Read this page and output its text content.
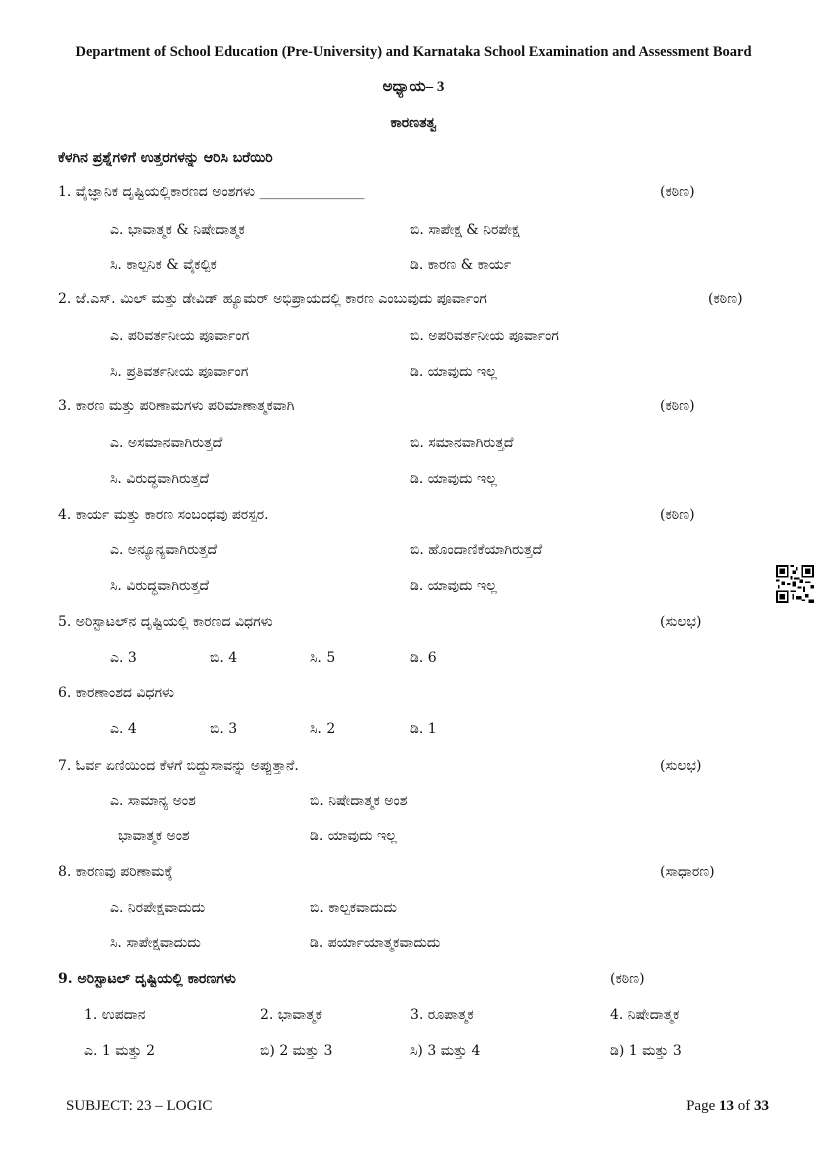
Department of School Education (Pre-University) and Karnataka School Examination and Assessment Board
ಅಧ್ಯಾಯ– 3
ಕಾರಣತತ್ವ
ಕೆಳಗಿನ ಪ್ರಶ್ನೆಗಳಿಗೆ ಉತ್ತರಗಳನ್ನು ಆರಿಸಿ ಬರೆಯಿರಿ
1. ವೈಜ್ಞಾನಿಕ ದೃಷ್ಟಿಯಲ್ಲಿಕಾರಣದ ಅಂಶಗಳು _______________	(ಕಠಿಣ)
ಎ. ಭಾವಾತ್ಮಕ & ನಿಷೇದಾತ್ಮಕ	ಬಿ. ಸಾಪೇಕ್ಷ & ನಿರಪೇಕ್ಷ
ಸಿ. ಕಾಲ್ಪನಿಕ & ವೈಕಲ್ಪಿಕ	ಡಿ. ಕಾರಣ & ಕಾರ್ಯ
2. ಜೆ.ಎಸ್. ಮಿಲ್ ಮತ್ತು ಡೇವಿಡ್ ಹ್ಯೂಮರ್ ಅಭಿಪ್ರಾಯದಲ್ಲಿ ಕಾರಣ ಎಂಬುವುದು ಪೂರ್ವಾಂಗ	(ಕಠಿಣ)
ಎ. ಪರಿವರ್ತನೀಯ ಪೂರ್ವಾಂಗ	ಬಿ. ಅಪರಿವರ್ತನೀಯ ಪೂರ್ವಾಂಗ
ಸಿ. ಪ್ರತಿವರ್ತನೀಯ ಪೂರ್ವಾಂಗ	ಡಿ. ಯಾವುದು ಇಲ್ಲ
3. ಕಾರಣ ಮತ್ತು ಪರಿಣಾಮಗಳು ಪರಿಮಾಣಾತ್ಮಕವಾಗಿ	(ಕಠಿಣ)
ಎ. ಅಸಮಾನವಾಗಿರುತ್ತದೆ	ಬಿ. ಸಮಾನವಾಗಿರುತ್ತದೆ
ಸಿ. ವಿರುದ್ಧವಾಗಿರುತ್ತದೆ	ಡಿ. ಯಾವುದು ಇಲ್ಲ
4. ಕಾರ್ಯ ಮತ್ತು ಕಾರಣ ಸಂಬಂಧವು ಪರಸ್ಪರ.	(ಕಠಿಣ)
ಎ. ಅನ್ಯೂನ್ಯವಾಗಿರುತ್ತದೆ	ಬಿ. ಹೊಂದಾಣಿಕೆಯಾಗಿರುತ್ತದೆ
ಸಿ. ವಿರುದ್ಧವಾಗಿರುತ್ತದೆ	ಡಿ. ಯಾವುದು ಇಲ್ಲ
5. ಅರಿಸ್ಟಾಟಲ್‌ನ ದೃಷ್ಟಿಯಲ್ಲಿ ಕಾರಣದ ವಿಧಗಳು	(ಸುಲಭ)
ಎ. 3	ಬಿ. 4	ಸಿ. 5	ಡಿ. 6
6. ಕಾರಣಾಂಶದ ವಿಧಗಳು
ಎ. 4	ಬಿ. 3	ಸಿ. 2	ಡಿ. 1
7. ಓರ್ವ ಏಣಿಯಿಂದ ಕೆಳಗೆ ಬಿದ್ದುಸಾವನ್ನು ಅಪ್ಪುತ್ತಾನೆ.	(ಸುಲಭ)
ಎ. ಸಾಮಾನ್ಯ ಅಂಶ	ಬಿ. ನಿಷೇದಾತ್ಮಕ ಅಂಶ
ಭಾವಾತ್ಮಕ ಅಂಶ	ಡಿ. ಯಾವುದು ಇಲ್ಲ
8. ಕಾರಣವು ಪರಿಣಾಮಕ್ಕೆ	(ಸಾಧಾರಣ)
ಎ. ನಿರಪೇಕ್ಷವಾದುದು	ಬಿ. ಕಾಲ್ಪಕವಾದುದು
ಸಿ. ಸಾಪೇಕ್ಷವಾದುದು	ಡಿ. ಪರ್ಯಾಯಾತ್ಮಕವಾದುದು
9. ಅರಿಸ್ಟಾಟಲ್ ದೃಷ್ಟಿಯಲ್ಲಿ ಕಾರಣಗಳು	(ಕಠಿಣ)
1. ಉಪದಾನ	2. ಭಾವಾತ್ಮಕ	3. ರೂಪಾತ್ಮಕ	4. ನಿಷೇದಾತ್ಮಕ
ಎ. 1 ಮತ್ತು 2	ಬಿ) 2 ಮತ್ತು 3	ಸಿ) 3 ಮತ್ತು 4	ಡಿ) 1 ಮತ್ತು 3
SUBJECT: 23 – LOGIC	Page 13 of 33
